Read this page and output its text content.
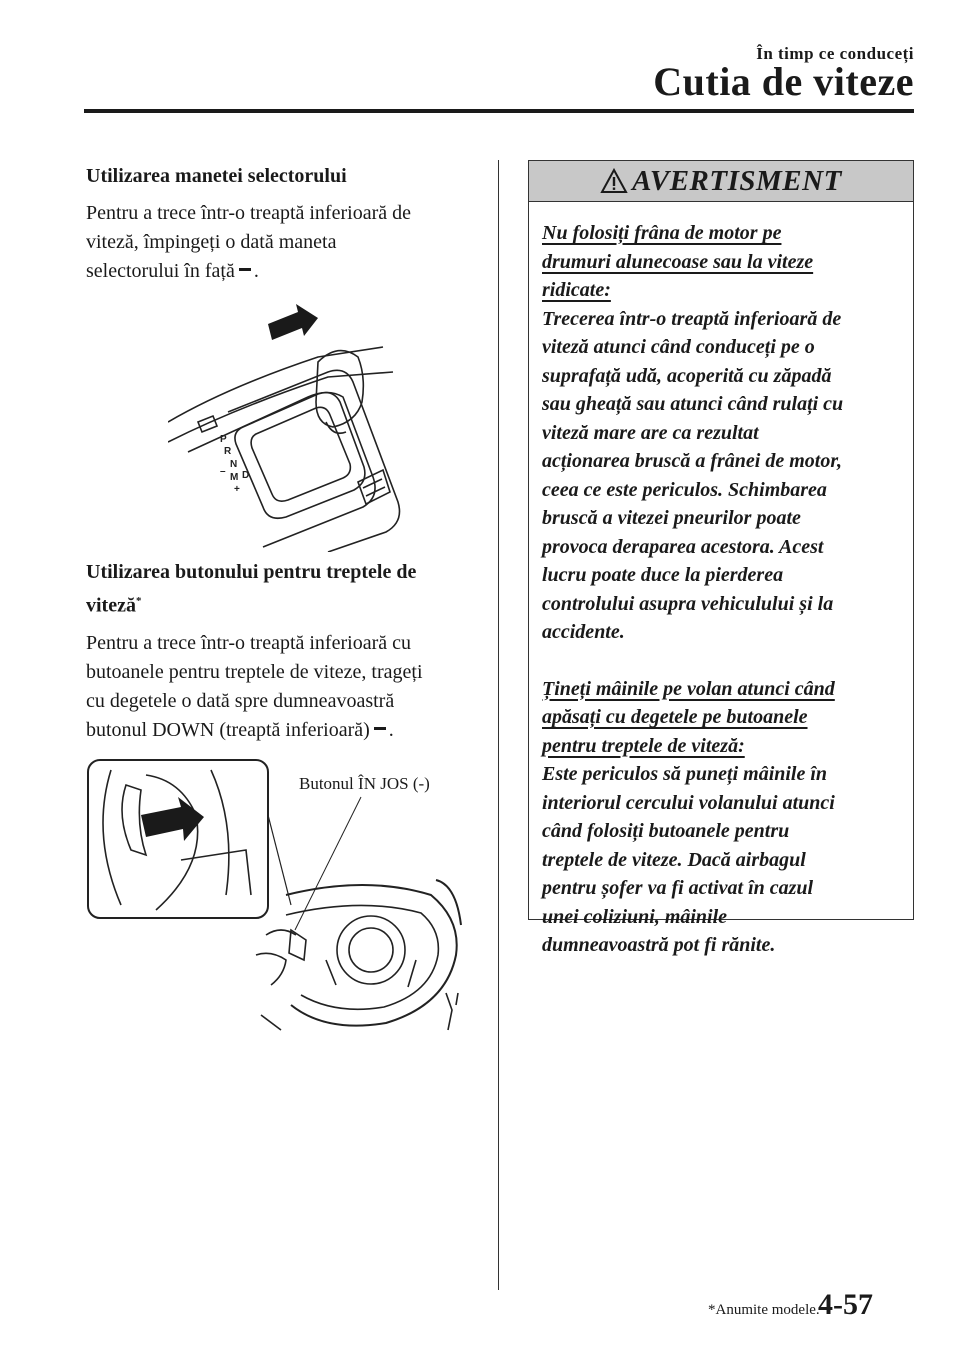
În timp ce conduceți
Cutia de viteze
Utilizarea manetei selectorului
Pentru a trece într-o treaptă inferioară de
viteză, împingeți o dată maneta
selectorului în față .
P
R
N
D
M
–
+
Utilizarea butonului pentru treptele de
viteză*
Pentru a trece într-o treaptă inferioară cu
butoanele pentru treptele de viteze, trageți
cu degetele o dată spre dumneavoastră
butonul DOWN (treaptă inferioară) .
Butonul ÎN JOS (-)
AVERTISMENT

Nu folosiți frâna de motor pe

drumuri alunecoase sau la viteze

ridicate:

Trecerea într-o treaptă inferioară de

viteză atunci când conduceți pe o

suprafață udă, acoperită cu zăpadă

sau gheață sau atunci când rulați cu

viteză mare are ca rezultat

acționarea bruscă a frânei de motor,

ceea ce este periculos. Schimbarea

bruscă a vitezei pneurilor poate

provoca deraparea acestora. Acest

lucru poate duce la pierderea

controlului asupra vehiculului și la

accidente.

Țineți mâinile pe volan atunci când

apăsați cu degetele pe butoanele

pentru treptele de viteză:

Este periculos să puneți mâinile în

interiorul cercului volanului atunci

când folosiți butoanele pentru

treptele de viteze. Dacă airbagul

pentru șofer va fi activat în cazul

unei coliziuni, mâinile

dumneavoastră pot fi rănite.

*Anumite modele.
4-57
